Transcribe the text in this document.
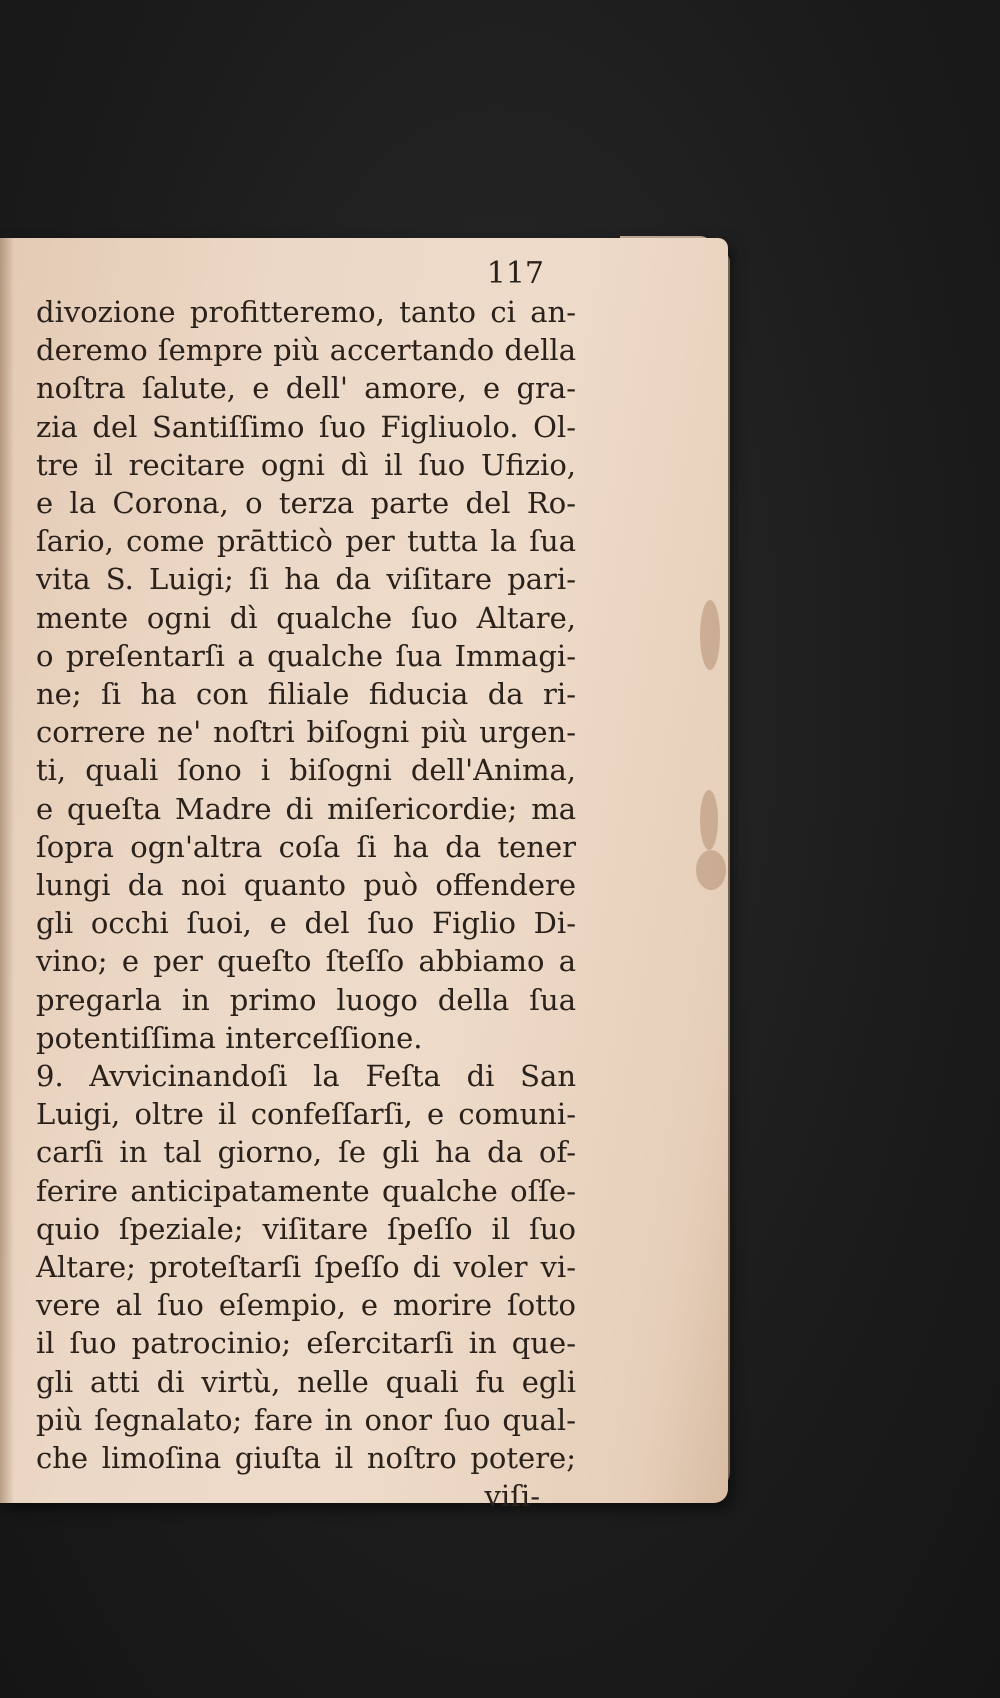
117
divozione profitteremo, tanto ci an-
deremo ſempre più accertando della
noſtra ſalute, e dell' amore, e gra-
zia del Santiſſimo ſuo Figliuolo. Ol-
tre il recitare ogni dì il ſuo Ufizio,
e la Corona, o terza parte del Ro-
ſario, come prātticò per tutta la ſua
vita S. Luigi; ſi ha da viſitare pari-
mente ogni dì qualche ſuo Altare,
o preſentarſi a qualche ſua Immagi-
ne; ſi ha con filiale fiducia da ri-
correre ne' noſtri biſogni più urgen-
ti, quali ſono i biſogni dell'Anima,
e queſta Madre di miſericordie; ma
ſopra ogn'altra coſa ſi ha da tener
lungi da noi quanto può offendere
gli occhi ſuoi, e del ſuo Figlio Di-
vino; e per queſto ſteſſo abbiamo a
pregarla in primo luogo della ſua
potentiſſima interceſſione.
9. Avvicinandoſi la Feſta di San
Luigi, oltre il confeſſarſi, e comuni-
carſi in tal giorno, ſe gli ha da of-
ferire anticipatamente qualche oſſe-
quio ſpeziale; viſitare ſpeſſo il ſuo
Altare; proteſtarſi ſpeſſo di voler vi-
vere al ſuo eſempio, e morire ſotto
il ſuo patrocinio; eſercitarſi in que-
gli atti di virtù, nelle quali fu egli
più ſegnalato; fare in onor ſuo qual-
che limoſina giuſta il noſtro potere;
viſi-
